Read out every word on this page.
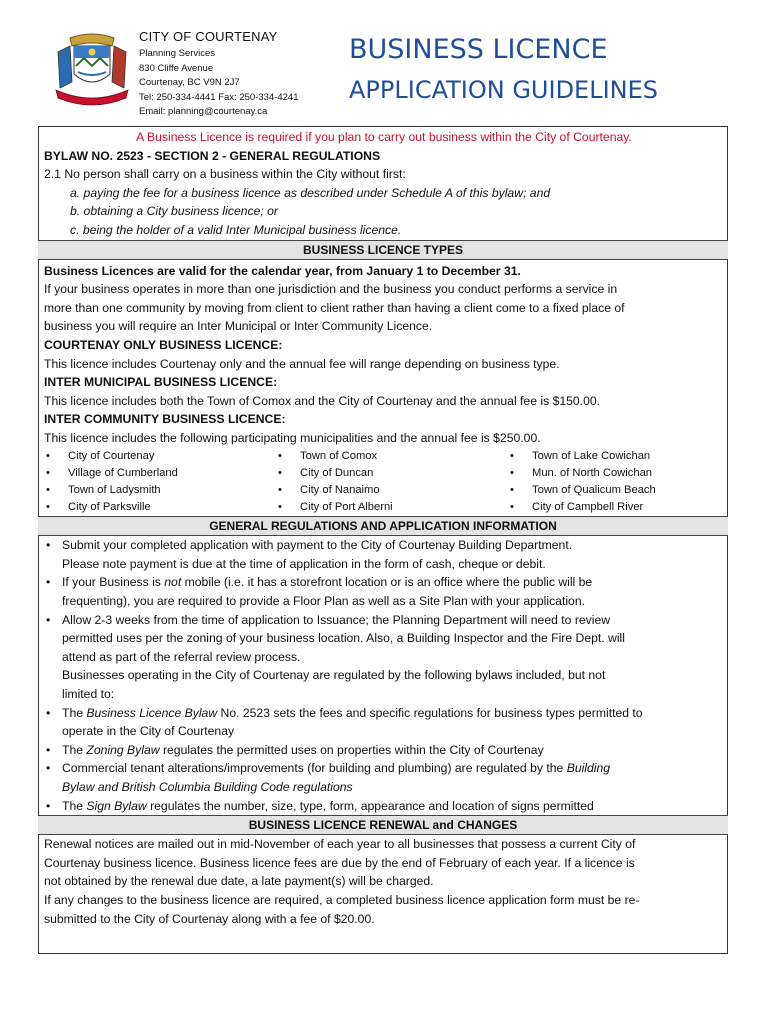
CITY OF COURTENAY
Planning Services
830 Cliffe Avenue
Courtenay, BC V9N 2J7
Tel: 250-334-4441 Fax: 250-334-4241
Email: planning@courtenay.ca
BUSINESS LICENCE
APPLICATION GUIDELINES
A Business Licence is required if you plan to carry out business within the City of Courtenay.
BYLAW NO. 2523 - SECTION 2 - GENERAL REGULATIONS
2.1 No person shall carry on a business within the City without first:
a. paying the fee for a business licence as described under Schedule A of this bylaw; and
b. obtaining a City business licence; or
c. being the holder of a valid Inter Municipal business licence.
BUSINESS LICENCE TYPES
Business Licences are valid for the calendar year, from January 1 to December 31.
If your business operates in more than one jurisdiction and the business you conduct performs a service in
more than one community by moving from client to client rather than having a client come to a fixed place of
business you will require an Inter Municipal or Inter Community Licence.
COURTENAY ONLY BUSINESS LICENCE:
This licence includes Courtenay only and the annual fee will range depending on business type.
INTER MUNICIPAL BUSINESS LICENCE:
This licence includes both the Town of Comox and the City of Courtenay and the annual fee is $150.00.
INTER COMMUNITY BUSINESS LICENCE:
This licence includes the following participating municipalities and the annual fee is $250.00.
• City of Courtenay	• Town of Comox	• Town of Lake Cowichan
• Village of Cumberland	• City of Duncan	• Mun. of North Cowichan
• Town of Ladysmith	• City of Nanaimo	• Town of Qualicum Beach
• City of Parksville	• City of Port Alberni	• City of Campbell River
GENERAL REGULATIONS AND APPLICATION INFORMATION
• Submit your completed application with payment to the City of Courtenay Building Department.
Please note payment is due at the time of application in the form of cash, cheque or debit.
• If your Business is not mobile (i.e. it has a storefront location or is an office where the public will be
frequenting), you are required to provide a Floor Plan as well as a Site Plan with your application.
• Allow 2-3 weeks from the time of application to Issuance; the Planning Department will need to review
permitted uses per the zoning of your business location. Also, a Building Inspector and the Fire Dept. will
attend as part of the referral review process.
Businesses operating in the City of Courtenay are regulated by the following bylaws included, but not
limited to:
• The Business Licence Bylaw No. 2523 sets the fees and specific regulations for business types permitted to
operate in the City of Courtenay
• The Zoning Bylaw regulates the permitted uses on properties within the City of Courtenay
• Commercial tenant alterations/improvements (for building and plumbing) are regulated by the Building
Bylaw and British Columbia Building Code regulations
• The Sign Bylaw regulates the number, size, type, form, appearance and location of signs permitted
BUSINESS LICENCE RENEWAL and CHANGES
Renewal notices are mailed out in mid-November of each year to all businesses that possess a current City of
Courtenay business licence. Business licence fees are due by the end of February of each year. If a licence is
not obtained by the renewal due date, a late payment(s) will be charged.
If any changes to the business licence are required, a completed business licence application form must be re-
submitted to the City of Courtenay along with a fee of $20.00.
